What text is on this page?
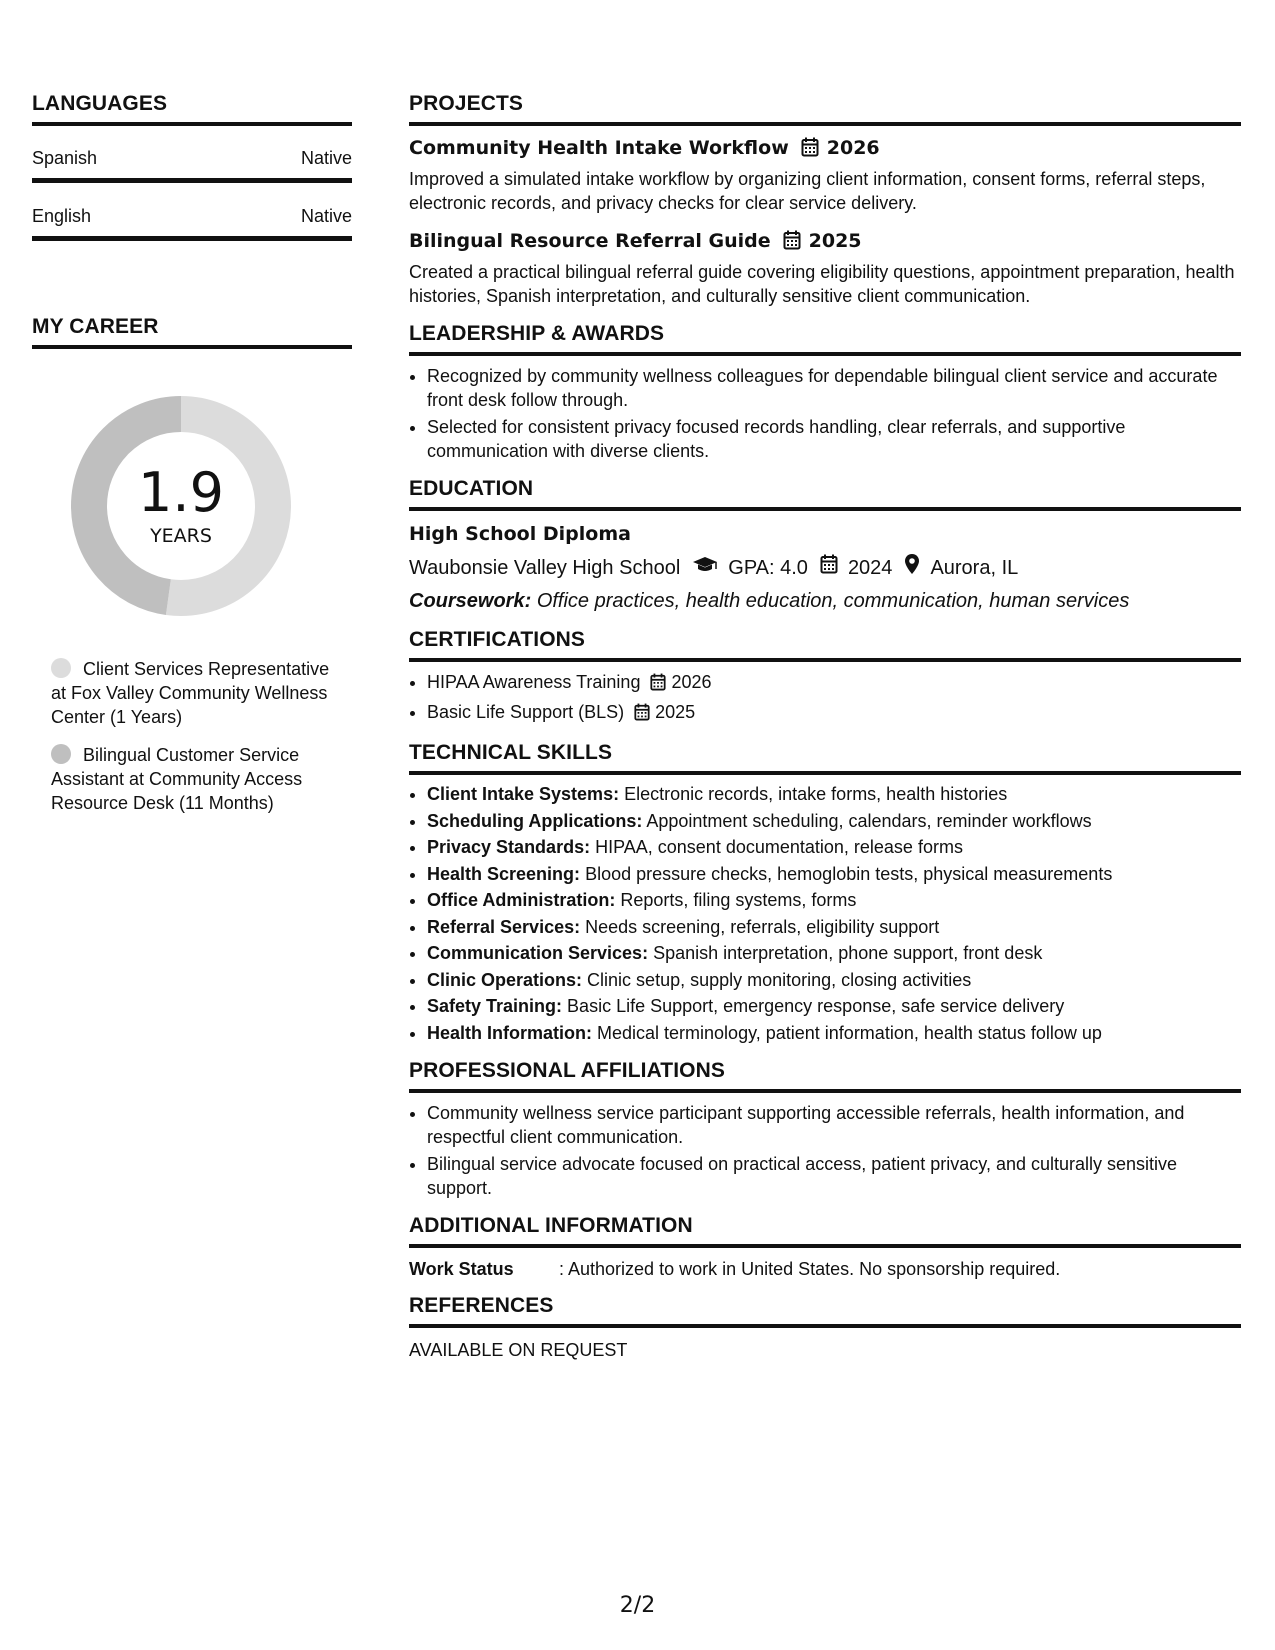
LANGUAGES
Spanish	Native
English	Native
MY CAREER
1.9
YEARS
Client Services Representative at Fox Valley Community Wellness Center (1 Years)
Bilingual Customer Service Assistant at Community Access Resource Desk (11 Months)
PROJECTS
Community Health Intake Workflow 2026
Improved a simulated intake workflow by organizing client information, consent forms, referral steps, electronic records, and privacy checks for clear service delivery.
Bilingual Resource Referral Guide 2025
Created a practical bilingual referral guide covering eligibility questions, appointment preparation, health histories, Spanish interpretation, and culturally sensitive client communication.
LEADERSHIP & AWARDS
• Recognized by community wellness colleagues for dependable bilingual client service and accurate front desk follow through.
• Selected for consistent privacy focused records handling, clear referrals, and supportive communication with diverse clients.
EDUCATION
High School Diploma
Waubonsie Valley High School GPA: 4.0 2024 Aurora, IL
Coursework: Office practices, health education, communication, human services
CERTIFICATIONS
• HIPAA Awareness Training 2026
• Basic Life Support (BLS) 2025
TECHNICAL SKILLS
• Client Intake Systems: Electronic records, intake forms, health histories
• Scheduling Applications: Appointment scheduling, calendars, reminder workflows
• Privacy Standards: HIPAA, consent documentation, release forms
• Health Screening: Blood pressure checks, hemoglobin tests, physical measurements
• Office Administration: Reports, filing systems, forms
• Referral Services: Needs screening, referrals, eligibility support
• Communication Services: Spanish interpretation, phone support, front desk
• Clinic Operations: Clinic setup, supply monitoring, closing activities
• Safety Training: Basic Life Support, emergency response, safe service delivery
• Health Information: Medical terminology, patient information, health status follow up
PROFESSIONAL AFFILIATIONS
• Community wellness service participant supporting accessible referrals, health information, and respectful client communication.
• Bilingual service advocate focused on practical access, patient privacy, and culturally sensitive support.
ADDITIONAL INFORMATION
Work Status	: Authorized to work in United States. No sponsorship required.
REFERENCES
AVAILABLE ON REQUEST
2/2
